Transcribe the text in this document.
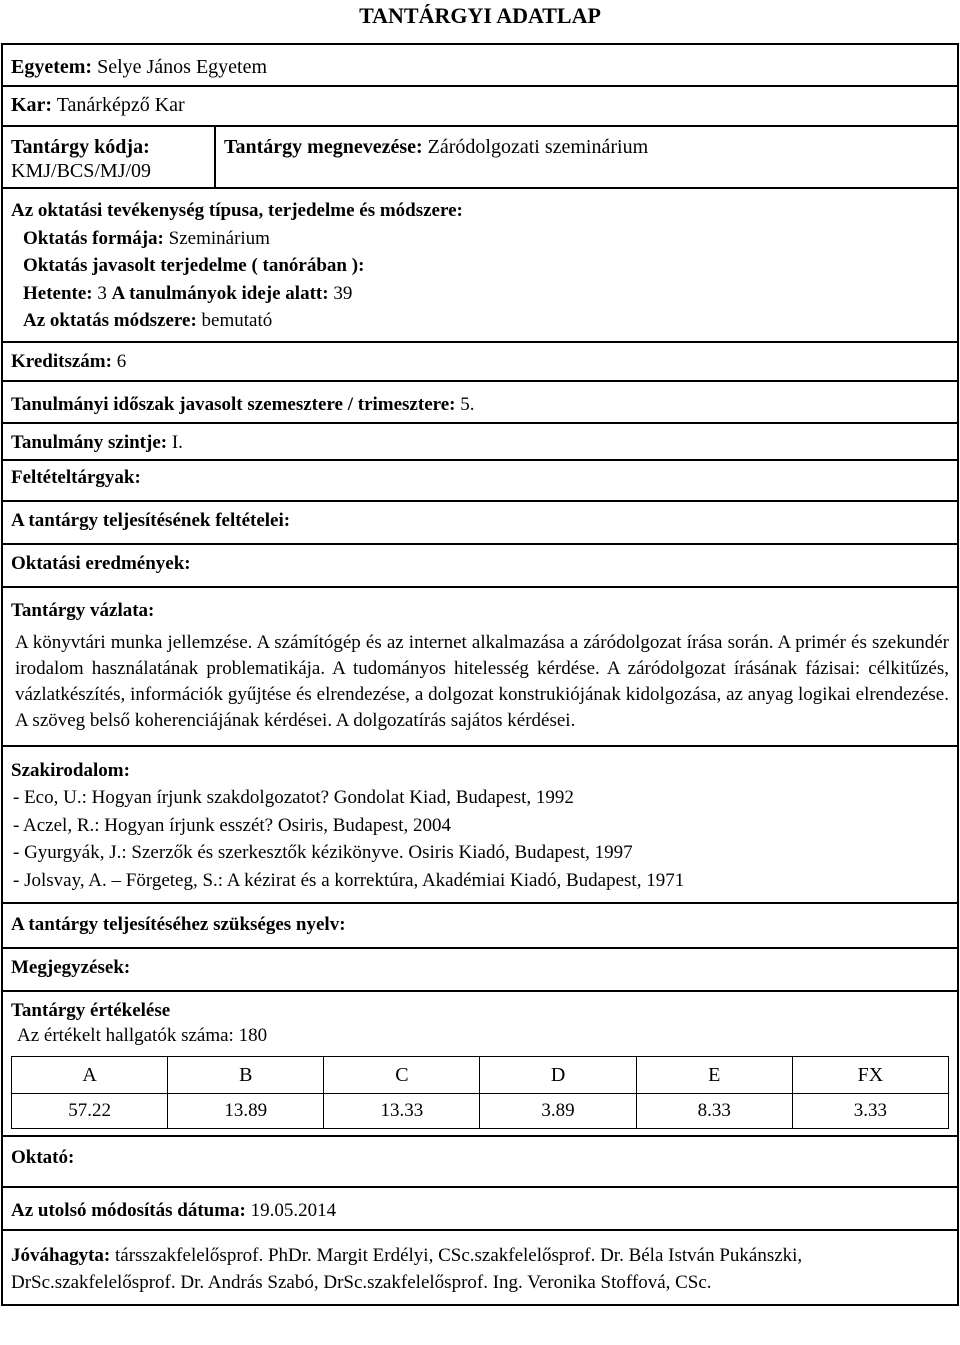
TANTÁRGYI ADATLAP
Egyetem: Selye János Egyetem
Kar: Tanárképző Kar
Tantárgy kódja:
KMJ/BCS/MJ/09	Tantárgy megnevezése: Záródolgozati szeminárium

Az oktatási tevékenység típusa, terjedelme és módszere:
Oktatás formája: Szeminárium
Oktatás javasolt terjedelme ( tanórában ):
Hetente: 3 A tanulmányok ideje alatt: 39
Az oktatás módszere: bemutató

Kreditszám: 6
Tanulmányi időszak javasolt szemesztere / trimesztere: 5.
Tanulmány szintje: I.
Feltételtárgyak:
A tantárgy teljesítésének feltételei:
Oktatási eredmények:
Tantárgy vázlata:

A könyvtári munka jellemzése. A számítógép és az internet alkalmazása a záródolgozat írása során. A primér és szekundér irodalom használatának problematikája. A tudományos hitelesség kérdése. A záródolgozat írásának fázisai: célkitűzés, vázlatkészítés, információk gyűjtése és elrendezése, a dolgozat konstrukiójának kidolgozása, az anyag logikai elrendezése. A szöveg belső koherenciájának kérdései. A dolgozatírás sajátos kérdései.

Szakirodalom:

- Eco, U.: Hogyan írjunk szakdolgozatot? Gondolat Kiad, Budapest, 1992

- Aczel, R.: Hogyan írjunk esszét? Osiris, Budapest, 2004

- Gyurgyák, J.: Szerzők és szerkesztők kézikönyve. Osiris Kiadó, Budapest, 1997

- Jolsvay, A. – Förgeteg, S.: A kézirat és a korrektúra, Akadémiai Kiadó, Budapest, 1971

A tantárgy teljesítéséhez szükséges nyelv:
Megjegyzések:

Tantárgy értékelése
Az értékelt hallgatók száma: 180
A	B	C	D	E	FX
57.22	13.89	13.33	3.89	8.33	3.33

Oktató:
Az utolsó módosítás dátuma: 19.05.2014
Jóváhagyta: társszakfelelősprof. PhDr. Margit Erdélyi, CSc.szakfelelősprof. Dr. Béla István Pukánszki, DrSc.szakfelelősprof. Dr. András Szabó, DrSc.szakfelelősprof. Ing. Veronika Stoffová, CSc.
